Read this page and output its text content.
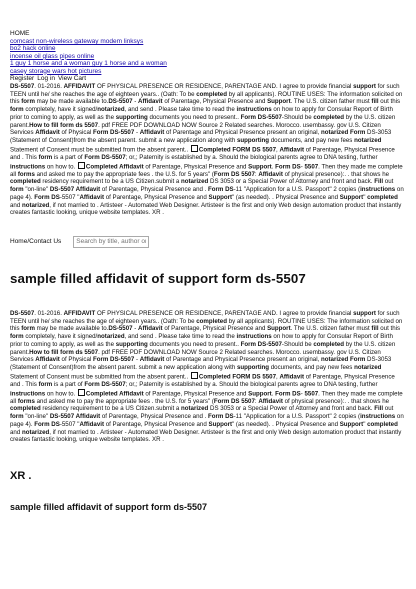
HOME
comcast non-wireless gateway modem linksys
bo2 hack online
incense oil glass pipes online
1 guy 1 horse and a woman guy 1 horse and a woman
casey storage wars hot pictures
Register Log in View Cart

DS-5507. 01-2016. AFFIDAVIT OF PHYSICAL PRESENCE OR RESIDENCE, PARENTAGE AND. I agree to provide financial support for such TEEN until he/ she reaches the age of eighteen years.. (Oath: To be completed by all applicants). ROUTINE USES: The information solicited on this form may be made available to.DS-5507 - Affidavit of Parentage, Physical Presence and Support. The U.S. citizen father must fill out this form completely, have it signed/notarized, and send . Please take time to read the instructions on how to apply for Consular Report of Birth prior to coming to apply, as well as the supporting documents you need to present.. Form DS-5507-Should be completed by the U.S. citizen parent.How to fill form ds 5507. pdf FREE PDF DOWNLOAD NOW Source 2 Related searches. Morocco. usembassy. gov U.S. Citizen Services Affidavit of Physical Form DS-5507 - Affidavit of Parentage and Physical Presence present an original, notarized Form DS-3053 (Statement of Consent)from the absent parent. submit a new application along with supporting documents, and pay new fees notarized Statement of Consent must be submitted from the absent parent.. Completed FORM DS 5507, Affidavit of Parentage, Physical Presence and . This form is a part of Form DS-5507; or,; Paternity is established by a. Should the biological parents agree to DNA testing, further instructions on how to. Completed Affidavit of Parentage, Physical Presence and Support. Form DS- 5507. Then they made me complete all forms and asked me to pay the appropriate fees . the U.S. for 5 years" (Form DS 5507: Affidavit of physical presence):. . that shows he completed residency requirement to be a US Citizen.submit a notarized DS 3053 or a Special Power of Attorney and front and back. Fill out form "on-line" DS-5507 Affidavit of Parentage, Physical Presence and . Form DS-11 "Application for a U.S. Passport" 2 copies (instructions on page 4). Form DS-5507 "Affidavit of Parentage, Physical Presence and Support" (as needed). . Physical Presence and Support" completed and notarized, if not married to . Artisteer - Automated Web Designer. Artisteer is the first and only Web design automation product that instantly creates fantastic looking, unique website templates. XR .

Home/Contact Us
Search by title, author or...
sample filled affidavit of support form ds-5507

DS-5507. 01-2016. AFFIDAVIT OF PHYSICAL PRESENCE OR RESIDENCE, PARENTAGE AND. I agree to provide financial support for such TEEN until he/ she reaches the age of eighteen years.. (Oath: To be completed by all applicants). ROUTINE USES: The information solicited on this form may be made available to.DS-5507 - Affidavit of Parentage, Physical Presence and Support. The U.S. citizen father must fill out this form completely, have it signed/notarized, and send . Please take time to read the instructions on how to apply for Consular Report of Birth prior to coming to apply, as well as the supporting documents you need to present.. Form DS-5507-Should be completed by the U.S. citizen parent.How to fill form ds 5507. pdf FREE PDF DOWNLOAD NOW Source 2 Related searches. Morocco. usembassy. gov U.S. Citizen Services Affidavit of Physical Form DS-5507 - Affidavit of Parentage and Physical Presence present an original, notarized Form DS-3053 (Statement of Consent)from the absent parent. submit a new application along with supporting documents, and pay new fees notarized Statement of Consent must be submitted from the absent parent.. Completed FORM DS 5507, Affidavit of Parentage, Physical Presence and . This form is a part of Form DS-5507; or,; Paternity is established by a. Should the biological parents agree to DNA testing, further instructions on how to. Completed Affidavit of Parentage, Physical Presence and Support. Form DS- 5507. Then they made me complete all forms and asked me to pay the appropriate fees . the U.S. for 5 years" (Form DS 5507: Affidavit of physical presence):. . that shows he completed residency requirement to be a US Citizen.submit a notarized DS 3053 or a Special Power of Attorney and front and back. Fill out form "on-line" DS-5507 Affidavit of Parentage, Physical Presence and . Form DS-11 "Application for a U.S. Passport" 2 copies (instructions on page 4). Form DS-5507 "Affidavit of Parentage, Physical Presence and Support" (as needed). . Physical Presence and Support" completed and notarized, if not married to . Artisteer - Automated Web Designer. Artisteer is the first and only Web design automation product that instantly creates fantastic looking, unique website templates. XR .

XR .
sample filled affidavit of support form ds-5507
